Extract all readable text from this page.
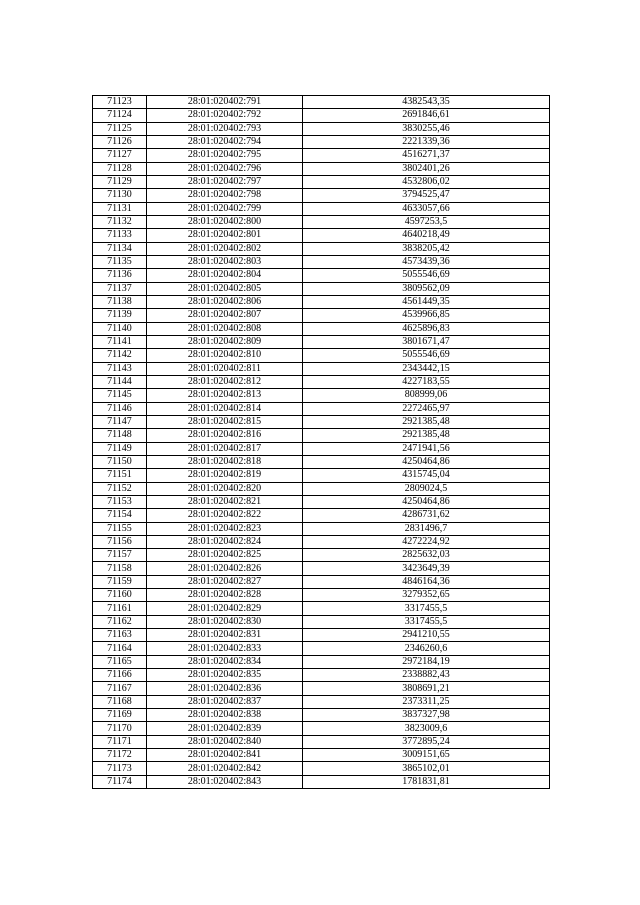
71123	28:01:020402:791	4382543,35
71124	28:01:020402:792	2691846,61
71125	28:01:020402:793	3830255,46
71126	28:01:020402:794	2221339,36
71127	28:01:020402:795	4516271,37
71128	28:01:020402:796	3802401,26
71129	28:01:020402:797	4532806,02
71130	28:01:020402:798	3794525,47
71131	28:01:020402:799	4633057,66
71132	28:01:020402:800	4597253,5
71133	28:01:020402:801	4640218,49
71134	28:01:020402:802	3838205,42
71135	28:01:020402:803	4573439,36
71136	28:01:020402:804	5055546,69
71137	28:01:020402:805	3809562,09
71138	28:01:020402:806	4561449,35
71139	28:01:020402:807	4539966,85
71140	28:01:020402:808	4625896,83
71141	28:01:020402:809	3801671,47
71142	28:01:020402:810	5055546,69
71143	28:01:020402:811	2343442,15
71144	28:01:020402:812	4227183,55
71145	28:01:020402:813	808999,06
71146	28:01:020402:814	2272465,97
71147	28:01:020402:815	2921385,48
71148	28:01:020402:816	2921385,48
71149	28:01:020402:817	2471941,56
71150	28:01:020402:818	4250464,86
71151	28:01:020402:819	4315745,04
71152	28:01:020402:820	2809024,5
71153	28:01:020402:821	4250464,86
71154	28:01:020402:822	4286731,62
71155	28:01:020402:823	2831496,7
71156	28:01:020402:824	4272224,92
71157	28:01:020402:825	2825632,03
71158	28:01:020402:826	3423649,39
71159	28:01:020402:827	4846164,36
71160	28:01:020402:828	3279352,65
71161	28:01:020402:829	3317455,5
71162	28:01:020402:830	3317455,5
71163	28:01:020402:831	2941210,55
71164	28:01:020402:833	2346260,6
71165	28:01:020402:834	2972184,19
71166	28:01:020402:835	2338882,43
71167	28:01:020402:836	3808691,21
71168	28:01:020402:837	2373311,25
71169	28:01:020402:838	3837327,98
71170	28:01:020402:839	3823009,6
71171	28:01:020402:840	3772895,24
71172	28:01:020402:841	3009151,65
71173	28:01:020402:842	3865102,01
71174	28:01:020402:843	1781831,81
